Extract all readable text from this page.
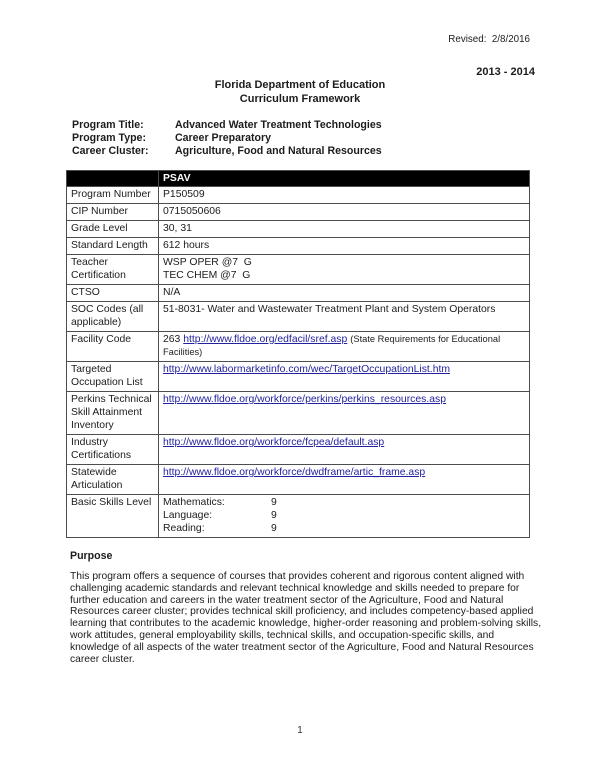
Revised:  2/8/2016
2013 - 2014
Florida Department of Education
Curriculum Framework
Program Title:	Advanced Water Treatment Technologies
Program Type:	Career Preparatory
Career Cluster:	Agriculture, Food and Natural Resources
	PSAV
Program Number	P150509
CIP Number	0715050606
Grade Level	30, 31
Standard Length	612 hours
Teacher Certification	WSP OPER @7  G
TEC CHEM @7  G

CTSO	N/A
SOC Codes (all applicable)	51-8031- Water and Wastewater Treatment Plant and System Operators
Facility Code	263 http://www.fldoe.org/edfacil/sref.asp (State Requirements for Educational Facilities)
Targeted Occupation List	http://www.labormarketinfo.com/wec/TargetOccupationList.htm
Perkins Technical Skill Attainment Inventory	http://www.fldoe.org/workforce/perkins/perkins_resources.asp
Industry Certifications	http://www.fldoe.org/workforce/fcpea/default.asp
Statewide Articulation	http://www.fldoe.org/workforce/dwdframe/artic_frame.asp
Basic Skills Level	Mathematics:	9
Language:	9
Reading:	9
Purpose
This program offers a sequence of courses that provides coherent and rigorous content aligned with challenging academic standards and relevant technical knowledge and skills needed to prepare for further education and careers in the water treatment sector of the Agriculture, Food and Natural Resources career cluster; provides technical skill proficiency, and includes competency-based applied learning that contributes to the academic knowledge, higher-order reasoning and problem-solving skills, work attitudes, general employability skills, technical skills, and occupation-specific skills, and knowledge of all aspects of the water treatment sector of the Agriculture, Food and Natural Resources career cluster.
1
